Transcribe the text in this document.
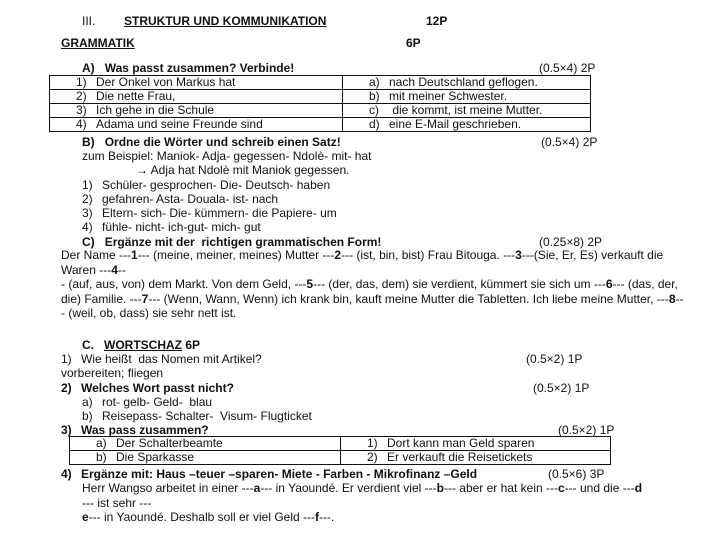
III. STRUKTUR UND KOMMUNIKATION	12P
GRAMMATIK	6P
A) Was passt zusammen? Verbinde!	(0.5×4) 2P
1) Der Onkel von Markus hat	a) nach Deutschland geflogen.
2) Die nette Frau,	b) mit meiner Schwester.
3) Ich gehe in die Schule	c) die kommt, ist meine Mutter.
4) Adama und seine Freunde sind	d) eine E-Mail geschrieben.
B) Ordne die Wörter und schreib einen Satz!	(0.5×4) 2P
zum Beispiel: Maniok- Adja- gegessen- Ndolè- mit- hat
→ Adja hat Ndolè mit Maniok gegessen.
1) Schüler- gesprochen- Die- Deutsch- haben
2) gefahren- Asta- Douala- ist- nach
3) Eltern- sich- Die- kümmern- die Papiere- um
4) fühle- nicht- ich-gut- mich- gut
C) Ergänze mit der  richtigen grammatischen Form!	(0.25×8) 2P
Der Name ---1--- (meine, meiner, meines) Mutter ---2--- (ist, bin, bist) Frau Bitouga. ---3---(Sie, Er, Es) verkauft die Waren ---4--
- (auf, aus, von) dem Markt. Von dem Geld, ---5--- (der, das, dem) sie verdient, kümmert sie sich um ---6--- (das, der, die) Familie. ---7--- (Wenn, Wann, Wenn) ich krank bin, kauft meine Mutter die Tabletten. Ich liebe meine Mutter, ---8--- (weil, ob, dass) sie sehr nett ist.
C. WORTSCHAZ 6P
1) Wie heißt  das Nomen mit Artikel?	(0.5×2) 1P
vorbereiten; fliegen
2) Welches Wort passt nicht?	(0.5×2) 1P
a) rot- gelb- Geld-  blau
b) Reisepass- Schalter-  Visum- Flugticket
3) Was pass zusammen?	(0.5×2) 1P
a) Der Schalterbeamte	1) Dort kann man Geld sparen
b) Die Sparkasse	2) Er verkauft die Reisetickets
4) Ergänze mit: Haus –teuer –sparen- Miete - Farben - Mikrofinanz –Geld	(0.5×6) 3P
Herr Wangso arbeitet in einer ---a--- in Yaoundé. Er verdient viel ---b--- aber er hat kein ---c--- und die ---d
--- ist sehr ---
e--- in Yaoundé. Deshalb soll er viel Geld ---f---.
